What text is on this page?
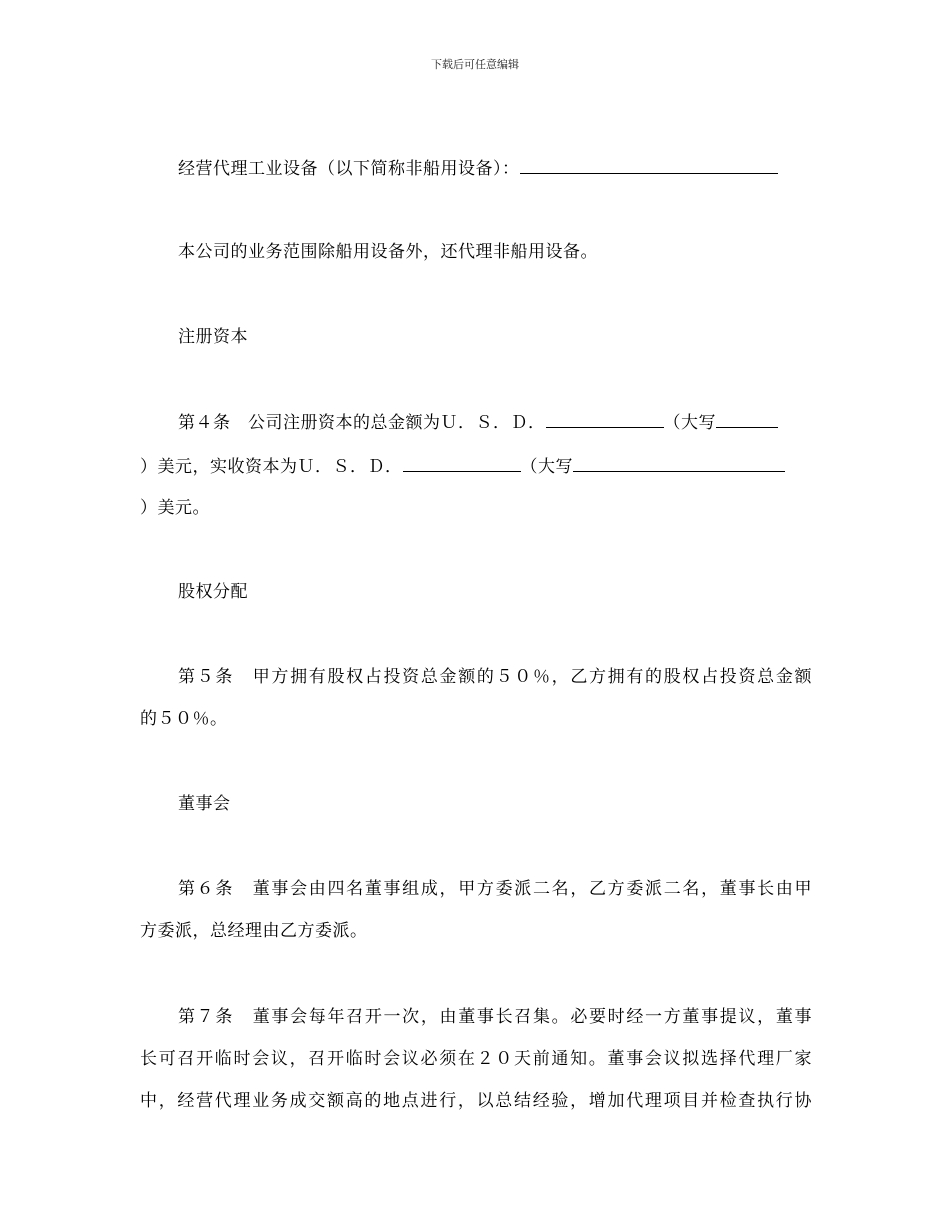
下载后可任意编辑
经营代理工业设备（以下简称非船用设备）：
本公司的业务范围除船用设备外，还代理非船用设备。
注册资本
第４条　公司注册资本的总金额为Ｕ．Ｓ．Ｄ．	（大写
）美元，实收资本为Ｕ．Ｓ．Ｄ．	（大写
）美元。
股权分配
第５条　甲方拥有股权占投资总金额的５０％，乙方拥有的股权占投资总金额
的５０％。
董事会
第６条　董事会由四名董事组成，甲方委派二名，乙方委派二名，董事长由甲
方委派，总经理由乙方委派。
第７条　董事会每年召开一次，由董事长召集。必要时经一方董事提议，董事
长可召开临时会议，召开临时会议必须在２０天前通知。董事会议拟选择代理厂家
中，经营代理业务成交额高的地点进行，以总结经验，增加代理项目并检查执行协
